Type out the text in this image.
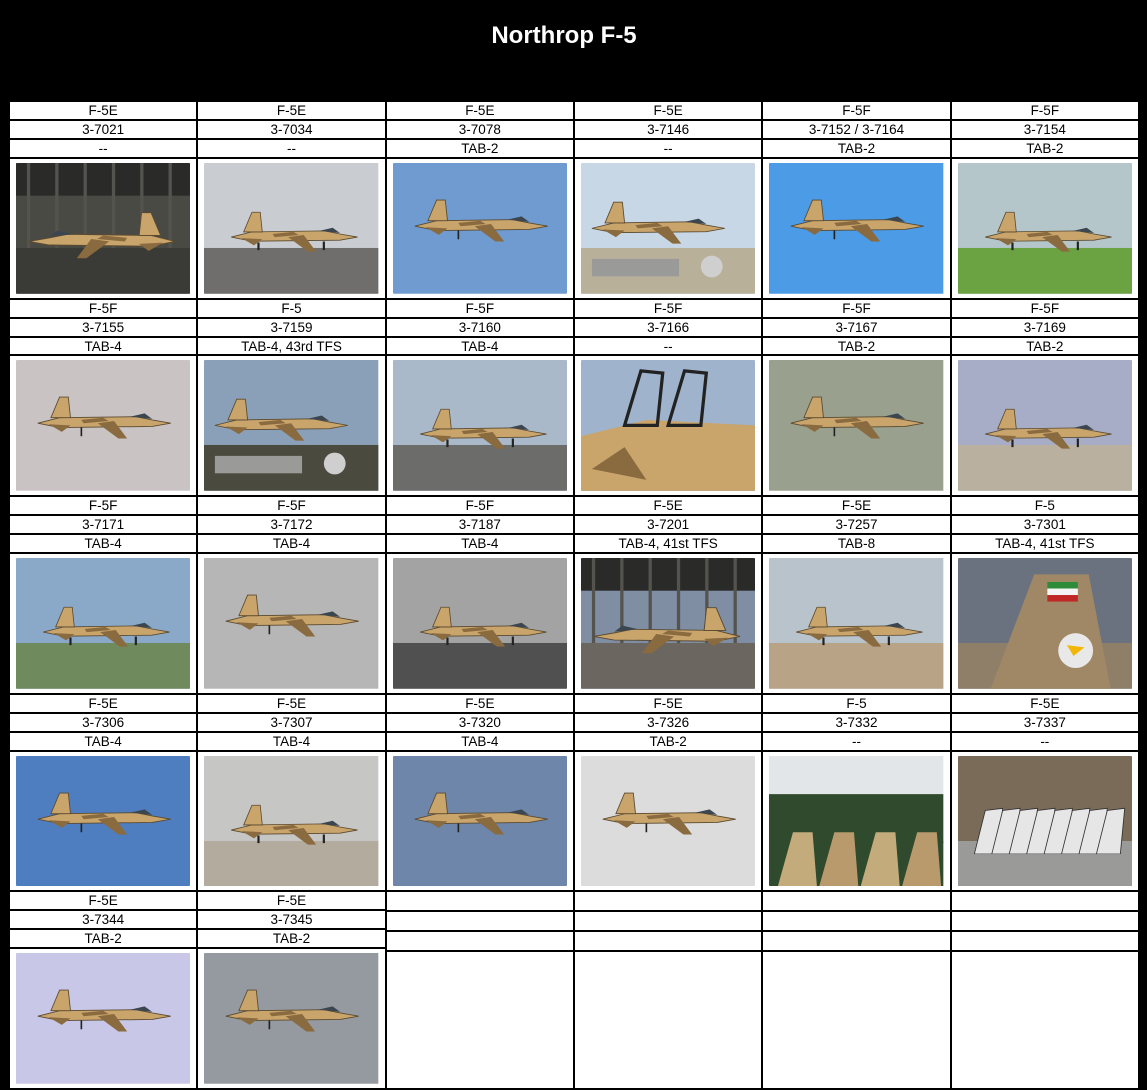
Northrop F-5
F-5E
3-7021
--
F-5E
3-7034
--
F-5E
3-7078
TAB-2
F-5E
3-7146
--
F-5F
3-7152 / 3-7164
TAB-2
F-5F
3-7154
TAB-2
F-5F
3-7155
TAB-4
F-5
3-7159
TAB-4, 43rd TFS
F-5F
3-7160
TAB-4
F-5F
3-7166
--
F-5F
3-7167
TAB-2
F-5F
3-7169
TAB-2
F-5F
3-7171
TAB-4
F-5F
3-7172
TAB-4
F-5F
3-7187
TAB-4
F-5E
3-7201
TAB-4, 41st TFS
F-5E
3-7257
TAB-8
F-5
3-7301
TAB-4, 41st TFS
F-5E
3-7306
TAB-4
F-5E
3-7307
TAB-4
F-5E
3-7320
TAB-4
F-5E
3-7326
TAB-2
F-5
3-7332
--
F-5E
3-7337
--
F-5E
3-7344
TAB-2
F-5E
3-7345
TAB-2
